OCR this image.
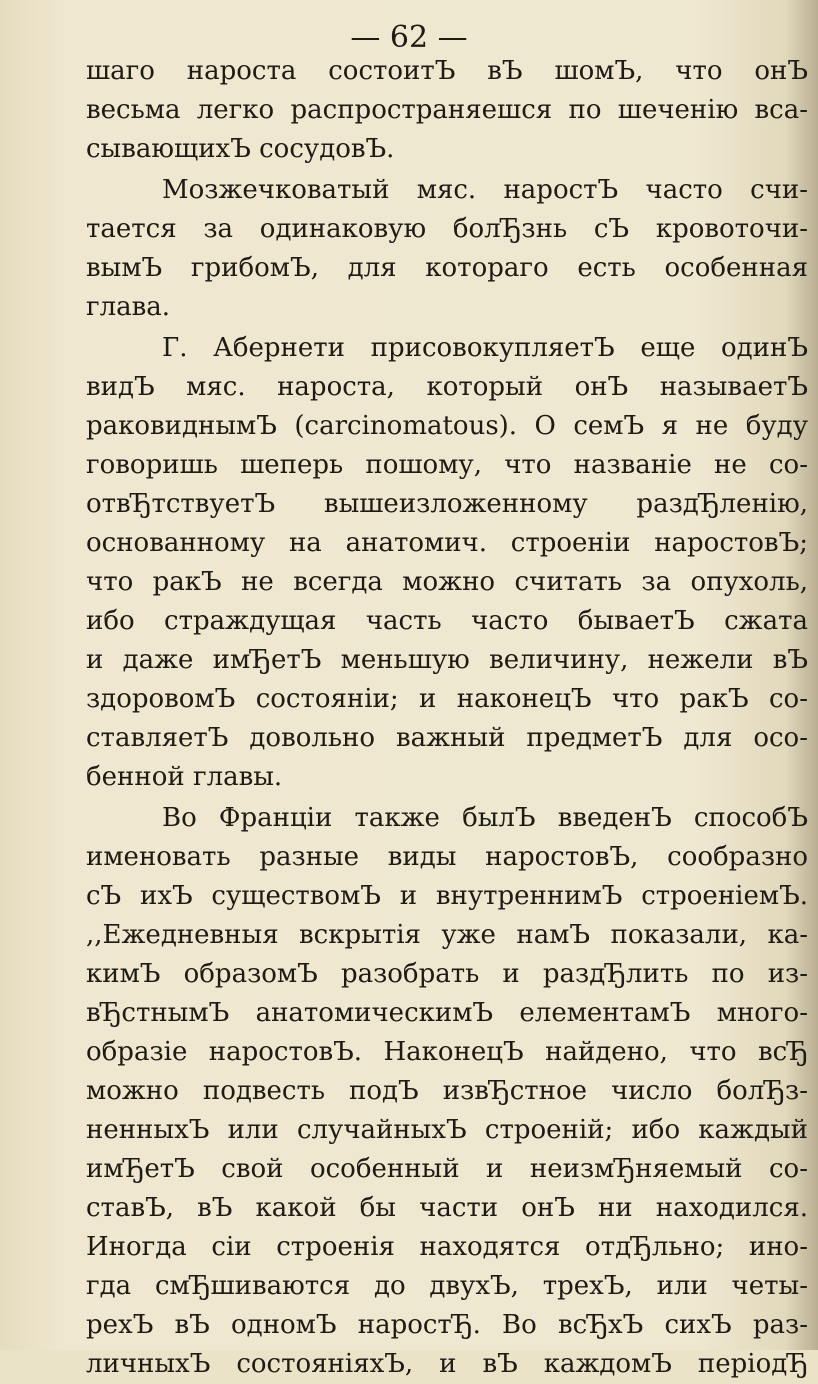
— 62 —
шаго нароста состоитЪ вЪ шомЪ, что онЪ
весьма легко распространяешся по шеченію вса-
сывающихЪ сосудовЪ.
Мозжечковатый мяс. наростЪ часто счи-
тается за одинаковую болЂзнь сЪ кровоточи-
вымЪ грибомЪ, для котораго есть особенная
глава.
Г. Абернети присовокупляетЪ еще одинЪ
видЪ мяс. нароста, который онЪ называетЪ
раковиднымЪ (carcinomatous). О семЪ я не буду
говоришь шеперь пошому, что названіе не со-
отвЂтствуетЪ вышеизложенному раздЂленію,
основанному на анатомич. строеніи наростовЪ;
что ракЪ не всегда можно считать за опухоль,
ибо страждущая часть часто бываетЪ сжата
и даже имЂетЪ меньшую величину, нежели вЪ
здоровомЪ состояніи; и наконецЪ что ракЪ со-
ставляетЪ довольно важный предметЪ для осо-
бенной главы.
Во Франціи также былЪ введенЪ способЪ
именовать разные виды наростовЪ, сообразно
сЪ ихЪ существомЪ и внутреннимЪ строеніемЪ.
,,Ежедневныя вскрытія уже намЪ показали, ка-
кимЪ образомЪ разобрать и раздЂлить по из-
вЂстнымЪ анатомическимЪ елементамЪ много-
образіе наростовЪ. НаконецЪ найдено, что всЂ
можно подвесть подЪ извЂстное число болЂз-
ненныхЪ или случайныхЪ строеній; ибо каждый
имЂетЪ свой особенный и неизмЂняемый со-
ставЪ, вЪ какой бы части онЪ ни находился.
Иногда сіи строенія находятся отдЂльно; ино-
гда смЂшиваются до двухЪ, трехЪ, или четы-
рехЪ вЪ одномЪ наростЂ. Во всЂхЪ сихЪ раз-
личныхЪ состояніяхЪ, и вЪ каждомЪ періодЂ
